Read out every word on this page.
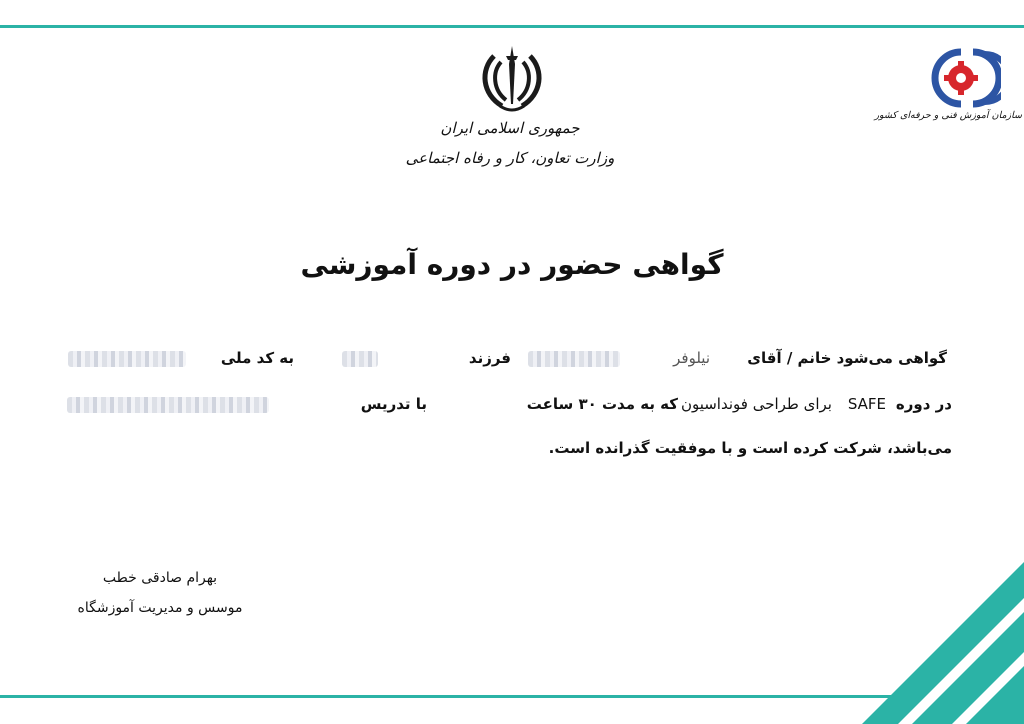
جمهوری اسلامی ایران
وزارت تعاون، کار و رفاه اجتماعی
سازمان آموزش فنی و حرفه‌ای کشور
گواهی حضور در دوره آموزشی
گواهی می‌شود خانم / آقای
نیلوفر
فرزند
به کد ملی
در دوره
SAFE
برای طراحی فونداسیون
که به مدت ۳۰ ساعت
با تدریس
می‌باشد، شرکت کرده است و با موفقیت گذرانده است.
بهرام صادقی خطب
موسس و مدیریت آموزشگاه
